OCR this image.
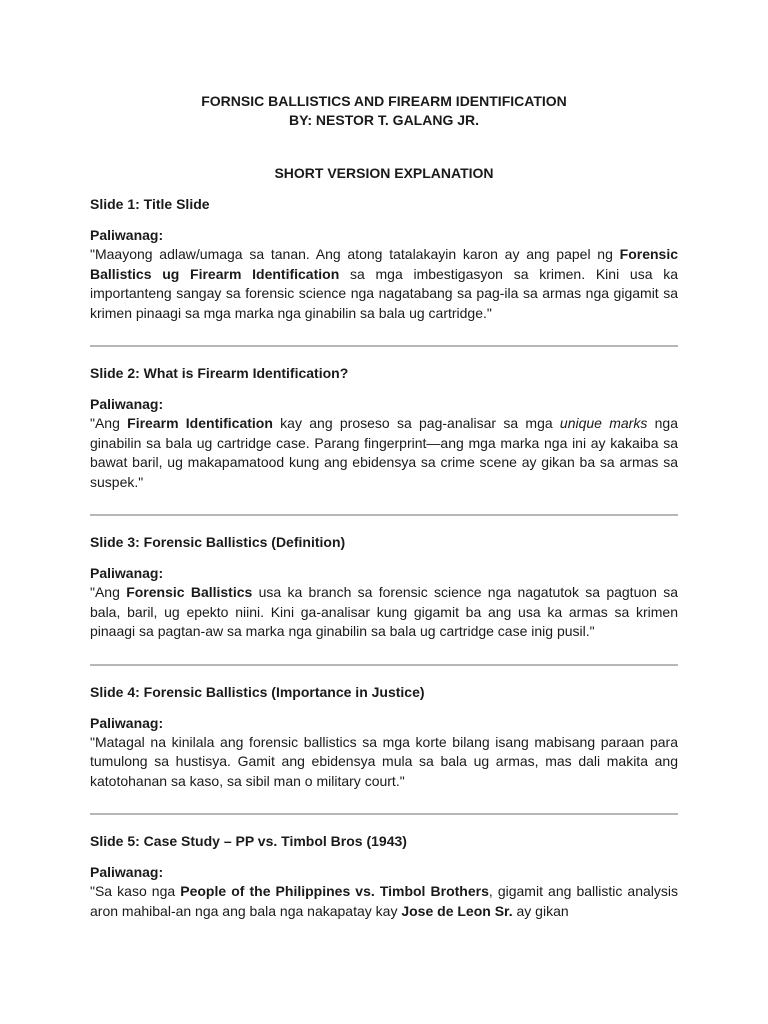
FORNSIC BALLISTICS AND FIREARM IDENTIFICATION

BY: NESTOR T. GALANG JR.

SHORT VERSION EXPLANATION

Slide 1: Title Slide

Paliwanag:

"Maayong adlaw/umaga sa tanan. Ang atong tatalakayin karon ay ang papel ng Forensic Ballistics ug Firearm Identification sa mga imbestigasyon sa krimen. Kini usa ka importanteng sangay sa forensic science nga nagatabang sa pag-ila sa armas nga gigamit sa krimen pinaagi sa mga marka nga ginabilin sa bala ug cartridge."

Slide 2: What is Firearm Identification?

Paliwanag:

"Ang Firearm Identification kay ang proseso sa pag-analisar sa mga unique marks nga ginabilin sa bala ug cartridge case. Parang fingerprint—ang mga marka nga ini ay kakaiba sa bawat baril, ug makapamatood kung ang ebidensya sa crime scene ay gikan ba sa armas sa suspek."

Slide 3: Forensic Ballistics (Definition)

Paliwanag:

"Ang Forensic Ballistics usa ka branch sa forensic science nga nagatutok sa pagtuon sa bala, baril, ug epekto niini. Kini ga-analisar kung gigamit ba ang usa ka armas sa krimen pinaagi sa pagtan-aw sa marka nga ginabilin sa bala ug cartridge case inig pusil."

Slide 4: Forensic Ballistics (Importance in Justice)

Paliwanag:

"Matagal na kinilala ang forensic ballistics sa mga korte bilang isang mabisang paraan para tumulong sa hustisya. Gamit ang ebidensya mula sa bala ug armas, mas dali makita ang katotohanan sa kaso, sa sibil man o military court."

Slide 5: Case Study – PP vs. Timbol Bros (1943)

Paliwanag:

"Sa kaso nga People of the Philippines vs. Timbol Brothers, gigamit ang ballistic analysis aron mahibal-an nga ang bala nga nakapatay kay Jose de Leon Sr. ay gikan
